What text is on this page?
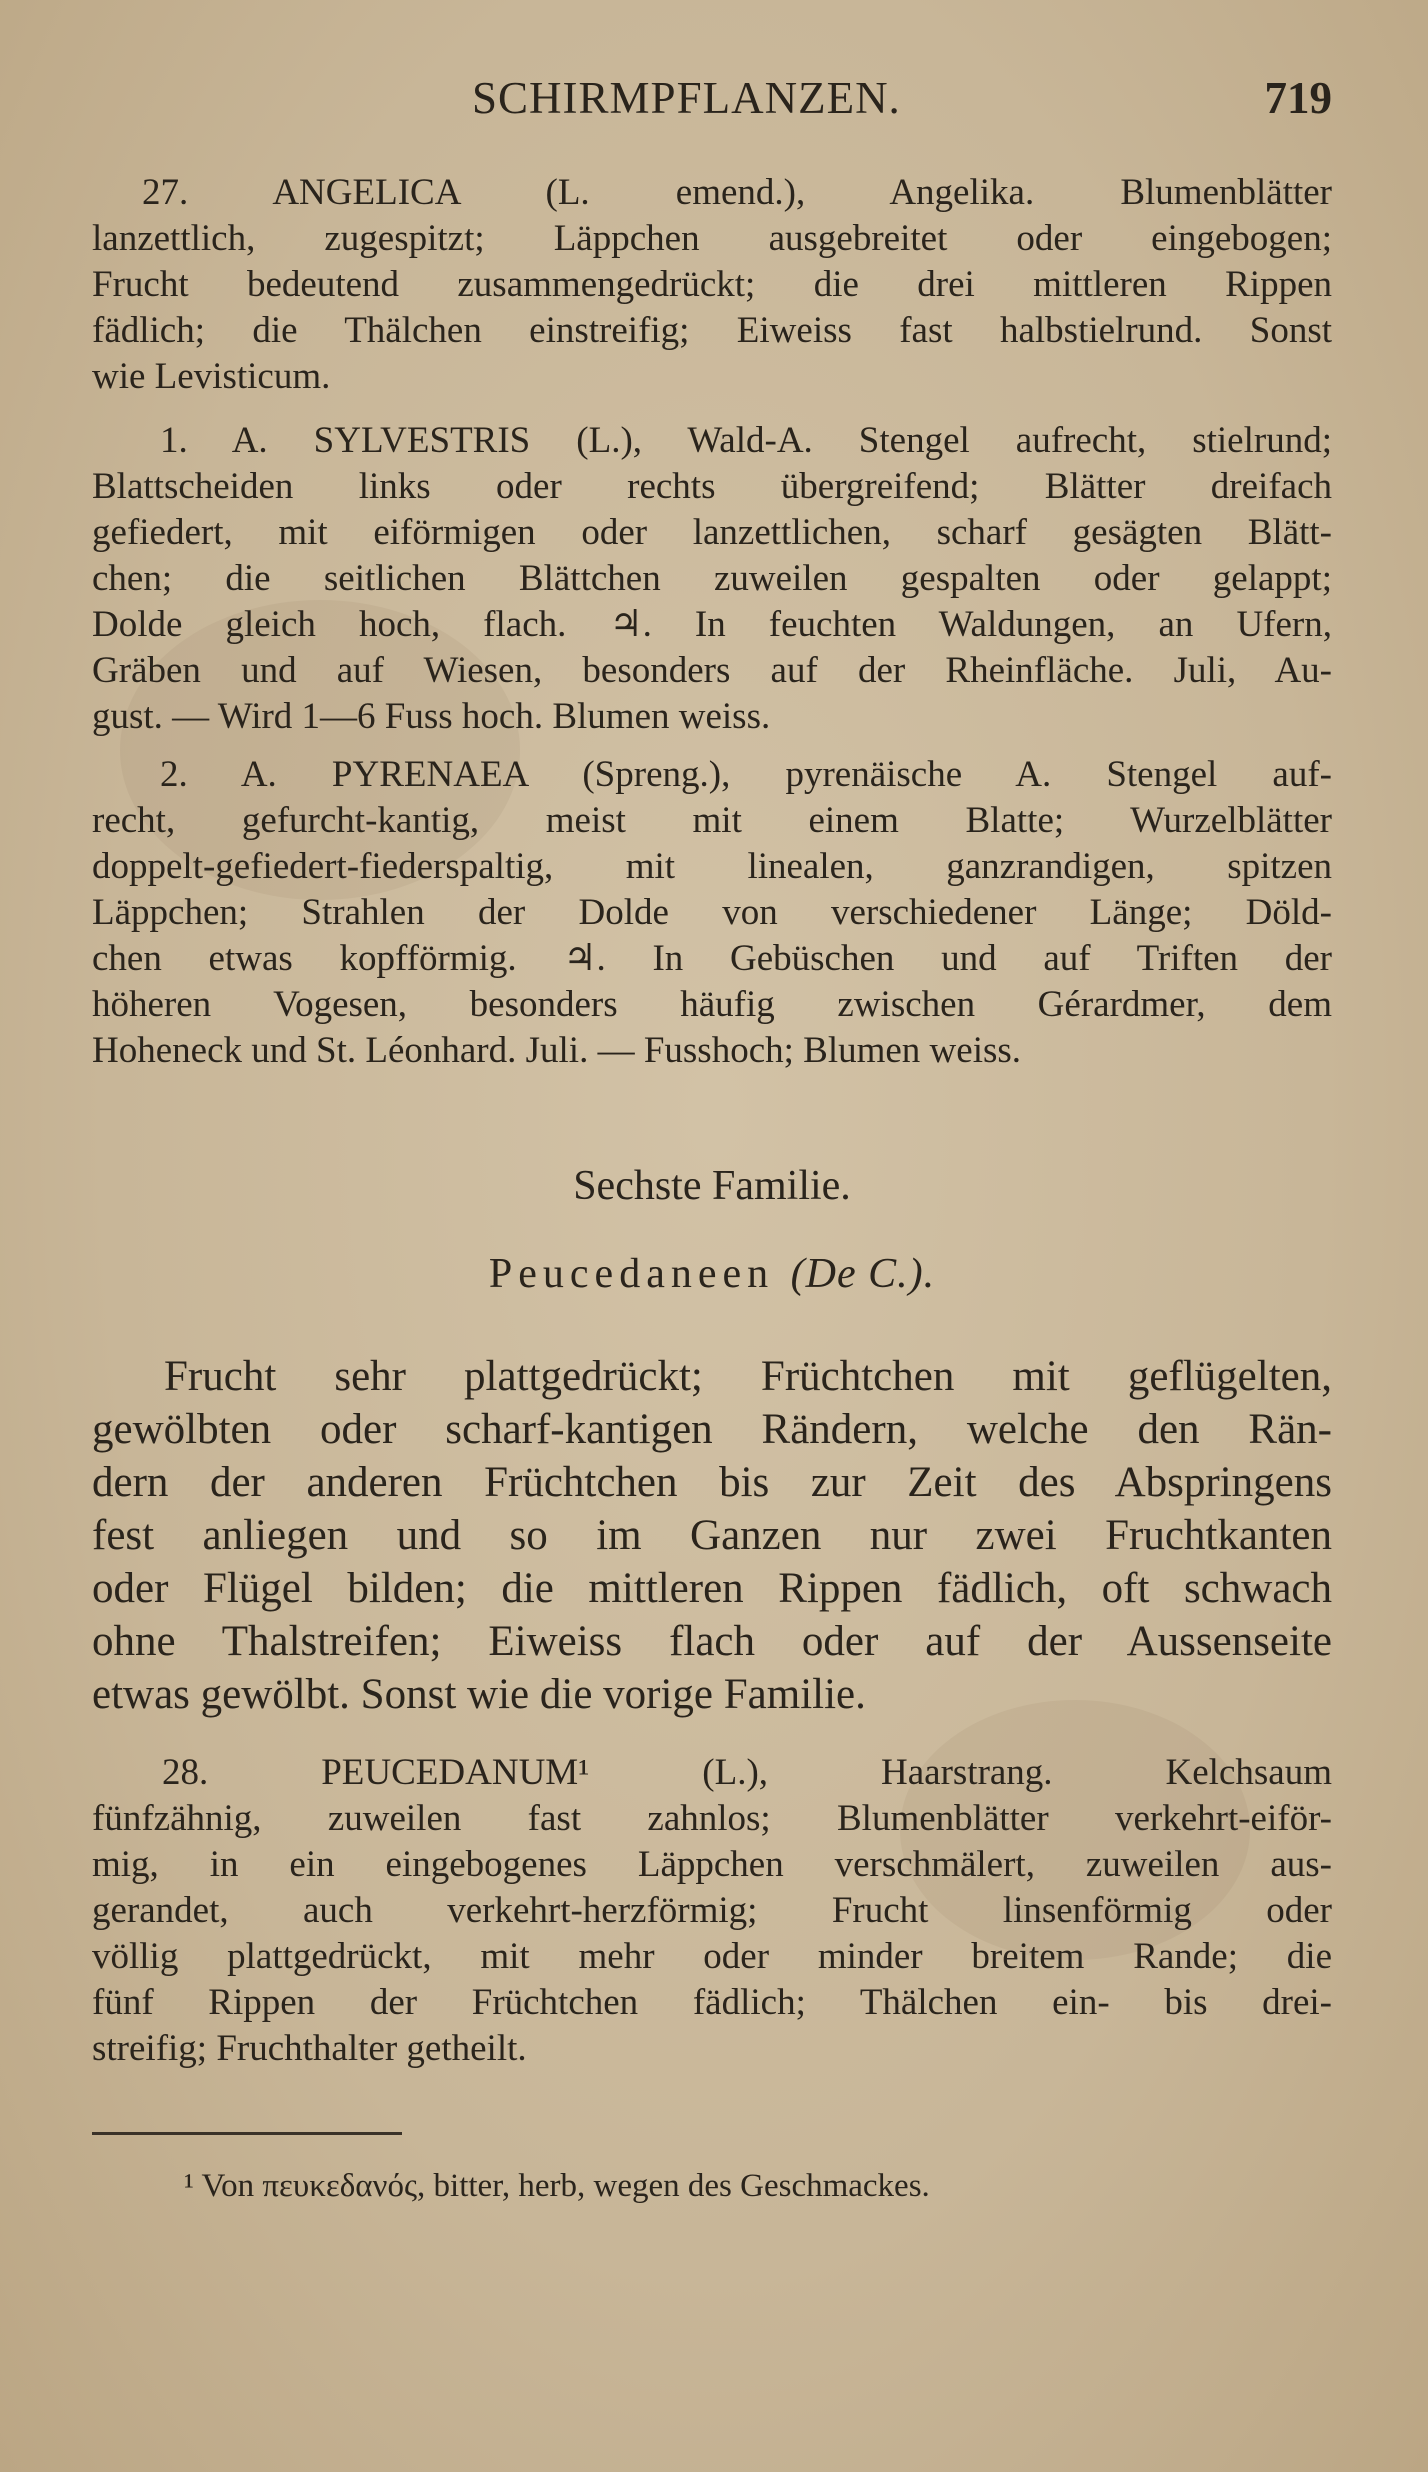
SCHIRMPFLANZEN.	719
27. ANGELICA (L. emend.), Angelika. Blumenblätter
lanzettlich, zugespitzt; Läppchen ausgebreitet oder eingebogen;
Frucht bedeutend zusammengedrückt; die drei mittleren Rippen
fädlich; die Thälchen einstreifig; Eiweiss fast halbstielrund. Sonst
wie Levisticum.
1. A. SYLVESTRIS (L.), Wald-A. Stengel aufrecht, stielrund;
Blattscheiden links oder rechts übergreifend; Blätter dreifach
gefiedert, mit eiförmigen oder lanzettlichen, scharf gesägten Blätt-
chen; die seitlichen Blättchen zuweilen gespalten oder gelappt;
Dolde gleich hoch, flach. ♃. In feuchten Waldungen, an Ufern,
Gräben und auf Wiesen, besonders auf der Rheinfläche. Juli, Au-
gust. — Wird 1—6 Fuss hoch. Blumen weiss.
2. A. PYRENAEA (Spreng.), pyrenäische A. Stengel auf-
recht, gefurcht-kantig, meist mit einem Blatte; Wurzelblätter
doppelt-gefiedert-fiederspaltig, mit linealen, ganzrandigen, spitzen
Läppchen; Strahlen der Dolde von verschiedener Länge; Döld-
chen etwas kopfförmig. ♃. In Gebüschen und auf Triften der
höheren Vogesen, besonders häufig zwischen Gérardmer, dem
Hoheneck und St. Léonhard. Juli. — Fusshoch; Blumen weiss.
Sechste Familie.
Peucedaneen (De C.).
Frucht sehr plattgedrückt; Früchtchen mit geflügelten,
gewölbten oder scharf-kantigen Rändern, welche den Rän-
dern der anderen Früchtchen bis zur Zeit des Abspringens
fest anliegen und so im Ganzen nur zwei Fruchtkanten
oder Flügel bilden; die mittleren Rippen fädlich, oft schwach
ohne Thalstreifen; Eiweiss flach oder auf der Aussenseite
etwas gewölbt. Sonst wie die vorige Familie.
28. PEUCEDANUM¹ (L.), Haarstrang. Kelchsaum
fünfzähnig, zuweilen fast zahnlos; Blumenblätter verkehrt-eiför-
mig, in ein eingebogenes Läppchen verschmälert, zuweilen aus-
gerandet, auch verkehrt-herzförmig; Frucht linsenförmig oder
völlig plattgedrückt, mit mehr oder minder breitem Rande; die
fünf Rippen der Früchtchen fädlich; Thälchen ein- bis drei-
streifig; Fruchthalter getheilt.
¹ Von πευκεδανός, bitter, herb, wegen des Geschmackes.
